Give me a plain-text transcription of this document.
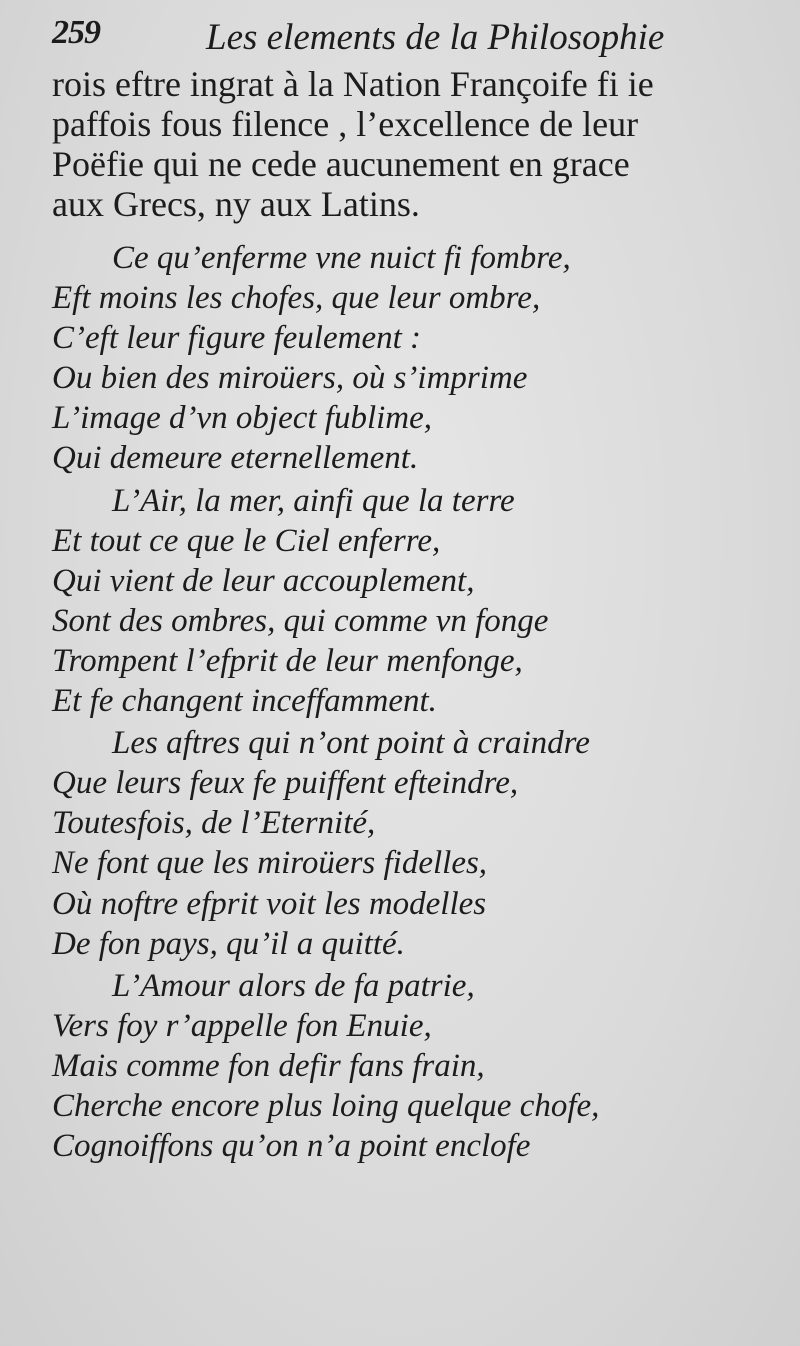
259	Les elements de la Philosophie
rois eftre ingrat à la Nation Françoife fi ie
paffois fous filence , l’excellence de leur
Poëfie qui ne cede aucunement en grace
aux Grecs, ny aux Latins.
Ce qu’enferme vne nuict fi fombre,
Eft moins les chofes, que leur ombre,
C’eft leur figure feulement :
Ou bien des miroüers, où s’imprime
L’image d’vn object fublime,
Qui demeure eternellement.
L’Air, la mer, ainfi que la terre
Et tout ce que le Ciel enferre,
Qui vient de leur accouplement,
Sont des ombres, qui comme vn fonge
Trompent l’efprit de leur menfonge,
Et fe changent inceffamment.
Les aftres qui n’ont point à craindre
Que leurs feux fe puiffent efteindre,
Toutesfois, de l’Eternité,
Ne font que les miroüers fidelles,
Où noftre efprit voit les modelles
De fon pays, qu’il a quitté.
L’Amour alors de fa patrie,
Vers foy r’appelle fon Enuie,
Mais comme fon defir fans frain,
Cherche encore plus loing quelque chofe,
Cognoiffons qu’on n’a point enclofe
